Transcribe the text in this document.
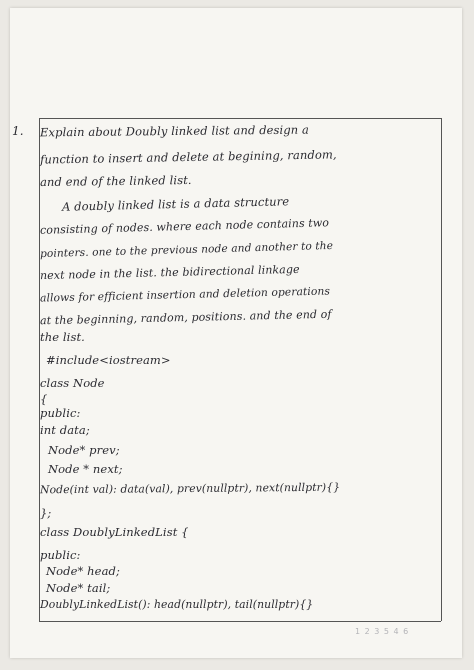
1. Explain about Doubly linked list and design a
function to insert and delete at begining, random,
and end of the linked list.
A doubly linked list is a data structure
consisting of nodes. where each node contains two
pointers. one to the previous node and another to the
next node in the list. the bidirectional linkage
allows for efficient insertion and deletion operations
at the beginning, random, positions. and the end of
the list.
#include<iostream>
class Node
{
public:
int data;
Node* prev;
Node * next;
Node(int val): data(val), prev(nullptr), next(nullptr){}
};
class DoublyLinkedList {
public:
Node* head;
Node* tail;
DoublyLinkedList(): head(nullptr), tail(nullptr){}
1 2 3 5 4 6
